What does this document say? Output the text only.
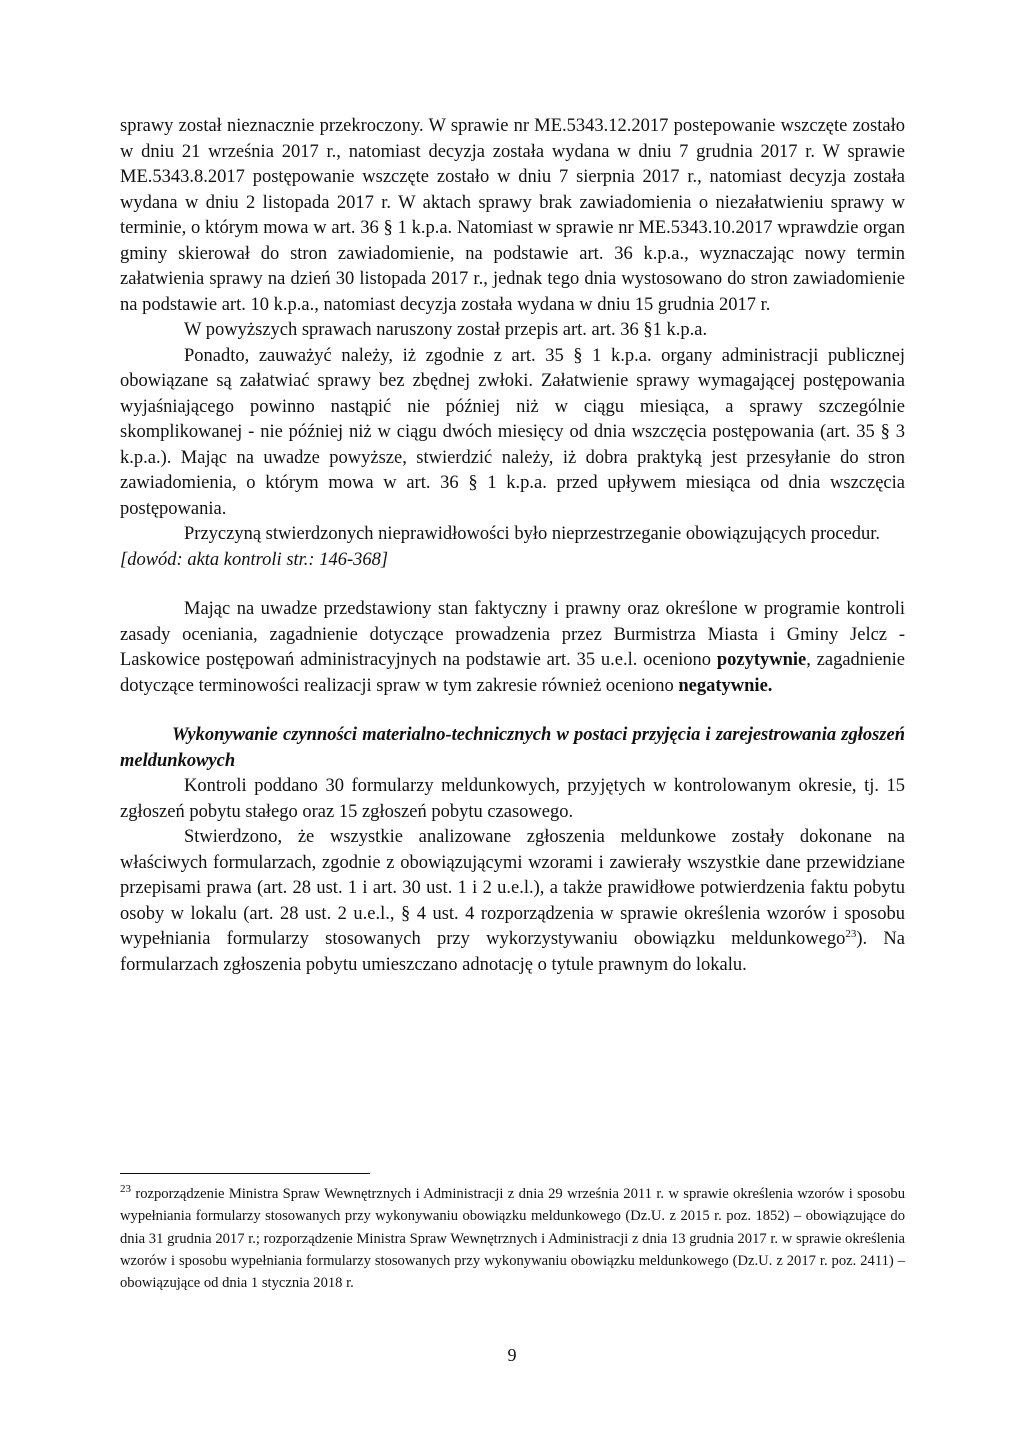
sprawy został nieznacznie przekroczony. W sprawie nr ME.5343.12.2017 postepowanie wszczęte zostało w dniu 21 września 2017 r., natomiast decyzja została wydana w dniu 7 grudnia 2017 r. W sprawie ME.5343.8.2017 postępowanie wszczęte zostało w dniu 7 sierpnia 2017 r., natomiast decyzja została wydana w dniu 2 listopada 2017 r. W aktach sprawy brak zawiadomienia o niezałatwieniu sprawy w terminie, o którym mowa w art. 36 § 1 k.p.a. Natomiast w sprawie nr ME.5343.10.2017 wprawdzie organ gminy skierował do stron zawiadomienie, na podstawie art. 36 k.p.a., wyznaczając nowy termin załatwienia sprawy na dzień 30 listopada 2017 r., jednak tego dnia wystosowano do stron zawiadomienie na podstawie art. 10 k.p.a., natomiast decyzja została wydana w dniu 15 grudnia 2017 r.

W powyższych sprawach naruszony został przepis art. art. 36 §1 k.p.a.

Ponadto, zauważyć należy, iż zgodnie z art. 35 § 1 k.p.a. organy administracji publicznej obowiązane są załatwiać sprawy bez zbędnej zwłoki. Załatwienie sprawy wymagającej postępowania wyjaśniającego powinno nastąpić nie później niż w ciągu miesiąca, a sprawy szczególnie skomplikowanej - nie później niż w ciągu dwóch miesięcy od dnia wszczęcia postępowania (art. 35 § 3 k.p.a.). Mając na uwadze powyższe, stwierdzić należy, iż dobra praktyką jest przesyłanie do stron zawiadomienia, o którym mowa w art. 36 § 1 k.p.a. przed upływem miesiąca od dnia wszczęcia postępowania.

Przyczyną stwierdzonych nieprawidłowości było nieprzestrzeganie obowiązujących procedur.

[dowód: akta kontroli str.: 146-368]

Mając na uwadze przedstawiony stan faktyczny i prawny oraz określone w programie kontroli zasady oceniania, zagadnienie dotyczące prowadzenia przez Burmistrza Miasta i Gminy Jelcz - Laskowice postępowań administracyjnych na podstawie art. 35 u.e.l. oceniono pozytywnie, zagadnienie dotyczące terminowości realizacji spraw w tym zakresie również oceniono negatywnie.

Wykonywanie czynności materialno-technicznych w postaci przyjęcia i zarejestrowania zgłoszeń meldunkowych

Kontroli poddano 30 formularzy meldunkowych, przyjętych w kontrolowanym okresie, tj. 15 zgłoszeń pobytu stałego oraz 15 zgłoszeń pobytu czasowego.

Stwierdzono, że wszystkie analizowane zgłoszenia meldunkowe zostały dokonane na właściwych formularzach, zgodnie z obowiązującymi wzorami i zawierały wszystkie dane przewidziane przepisami prawa (art. 28 ust. 1 i art. 30 ust. 1 i 2 u.e.l.), a także prawidłowe potwierdzenia faktu pobytu osoby w lokalu (art. 28 ust. 2 u.e.l., § 4 ust. 4 rozporządzenia w sprawie określenia wzorów i sposobu wypełniania formularzy stosowanych przy wykorzystywaniu obowiązku meldunkowego$^{23}$). Na formularzach zgłoszenia pobytu umieszczano adnotację o tytule prawnym do lokalu.

$^{23}$ rozporządzenie Ministra Spraw Wewnętrznych i Administracji z dnia 29 września 2011 r. w sprawie określenia wzorów i sposobu wypełniania formularzy stosowanych przy wykonywaniu obowiązku meldunkowego (Dz.U. z 2015 r. poz. 1852) – obowiązujące do dnia 31 grudnia 2017 r.; rozporządzenie Ministra Spraw Wewnętrznych i Administracji z dnia 13 grudnia 2017 r. w sprawie określenia wzorów i sposobu wypełniania formularzy stosowanych przy wykonywaniu obowiązku meldunkowego (Dz.U. z 2017 r. poz. 2411) – obowiązujące od dnia 1 stycznia 2018 r.

9
